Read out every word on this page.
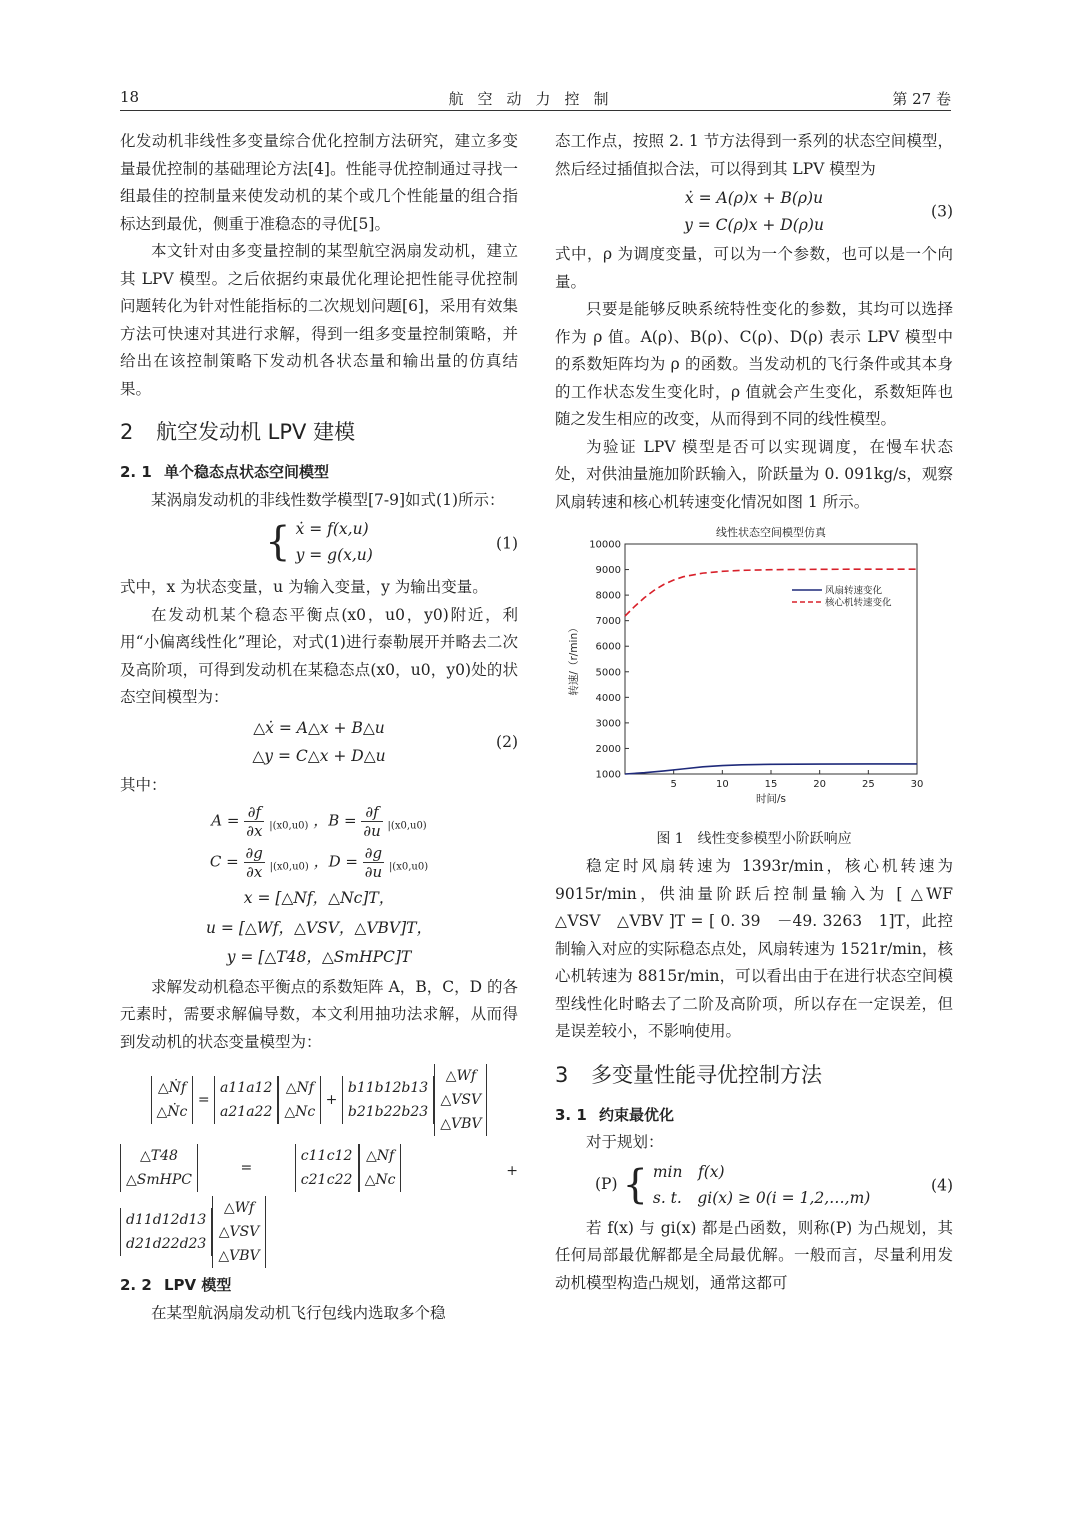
18	航空动力控制	第 27 卷

化发动机非线性多变量综合优化控制方法研究，建立多变量最优控制的基础理论方法[4]。性能寻优控制通过寻找一组最佳的控制量来使发动机的某个或几个性能量的组合指标达到最优，侧重于准稳态的寻优[5]。

本文针对由多变量控制的某型航空涡扇发动机，建立其 LPV 模型。之后依据约束最优化理论把性能寻优控制问题转化为针对性能指标的二次规划问题[6]，采用有效集方法可快速对其进行求解，得到一组多变量控制策略，并给出在该控制策略下发动机各状态量和输出量的仿真结果。

2 航空发动机 LPV 建模
2. 1 单个稳态点状态空间模型

某涡扇发动机的非线性数学模型[7-9]如式(1)所示：

{ ẋ = f(x,u)
y = g(x,u)
(1)

式中，x 为状态变量，u 为输入变量，y 为输出变量。

在发动机某个稳态平衡点(x0，u0，y0)附近，利用“小偏离线性化”理论，对式(1)进行泰勒展开并略去二次及高阶项，可得到发动机在某稳态点(x0，u0，y0)处的状态空间模型为：

△ẋ = A△x + B△u
△y = C△x + D△u
(2)

其中：

$A = \frac{\partial f}{\partial x} _{|(x0,u0)}$ ，$B = \frac{\partial f}{\partial u} _{|(x0,u0)}$
$C = \frac{\partial g}{\partial x} _{|(x0,u0)}$ ，$D = \frac{\partial g}{\partial u} _{|(x0,u0)}$
x = [△Nf，△Nc]T，
u = [△Wf，△VSV，△VBV]T，
y = [△T48，△SmHPC]T

求解发动机稳态平衡点的系数矩阵 A，B，C，D 的各元素时，需要求解偏导数，本文利用抽功法求解，从而得到发动机的状态变量模型为：

△Ṅf
△Ṅc = a11a12
a21a22△Nf
△Nc + b11b12b13
b21b22b23△Wf
△VSV
△VBV
△T48
△SmHPC = c11c12
c21c22△Nf
△Nc
+
d11d12d13
d21d22d23△Wf
△VSV
△VBV
2. 2 LPV 模型

在某型航涡扇发动机飞行包线内选取多个稳

态工作点，按照 2. 1 节方法得到一系列的状态空间模型，然后经过插值拟合法，可以得到其 LPV 模型为

ẋ = A(ρ)x + B(ρ)u
y = C(ρ)x + D(ρ)u
(3)

式中，ρ 为调度变量，可以为一个参数，也可以是一个向量。

只要是能够反映系统特性变化的参数，其均可以选择作为 ρ 值。A(ρ)、B(ρ)、C(ρ)、D(ρ) 表示 LPV 模型中的系数矩阵均为 ρ 的函数。当发动机的飞行条件或其本身的工作状态发生变化时，ρ 值就会产生变化，系数矩阵也随之发生相应的改变，从而得到不同的线性模型。

为验证 LPV 模型是否可以实现调度，在慢车状态处，对供油量施加阶跃输入，阶跃量为 0. 091kg/s，观察风扇转速和核心机转速变化情况如图 1 所示。

线性状态空间模型仿真
1000
2000
3000
4000
5000
6000
7000
8000
9000
10000
5	10	15	20	25	30
时间/s
转速/（r/min）
风扇转速变化
核心机转速变化
图 1　线性变参模型小阶跃响应

稳定时风扇转速为 1393r/min，核心机转速为 9015r/min，供油量阶跃后控制量输入为 [ △WF　△VSV　△VBV ]T = [ 0. 39　－49. 3263　1]T，此控制输入对应的实际稳态点处，风扇转速为 1521r/min，核心机转速为 8815r/min，可以看出由于在进行状态空间模型线性化时略去了二阶及高阶项，所以存在一定误差，但是误差较小，不影响使用。

3 多变量性能寻优控制方法
3. 1 约束最优化

对于规划：

(P) { min　f(x)
s. t.　gi(x) ≥ 0(i = 1,2,…,m)
(4)

若 f(x) 与 gi(x) 都是凸函数，则称(P) 为凸规划，其任何局部最优解都是全局最优解。一般而言，尽量利用发动机模型构造凸规划，通常这都可
